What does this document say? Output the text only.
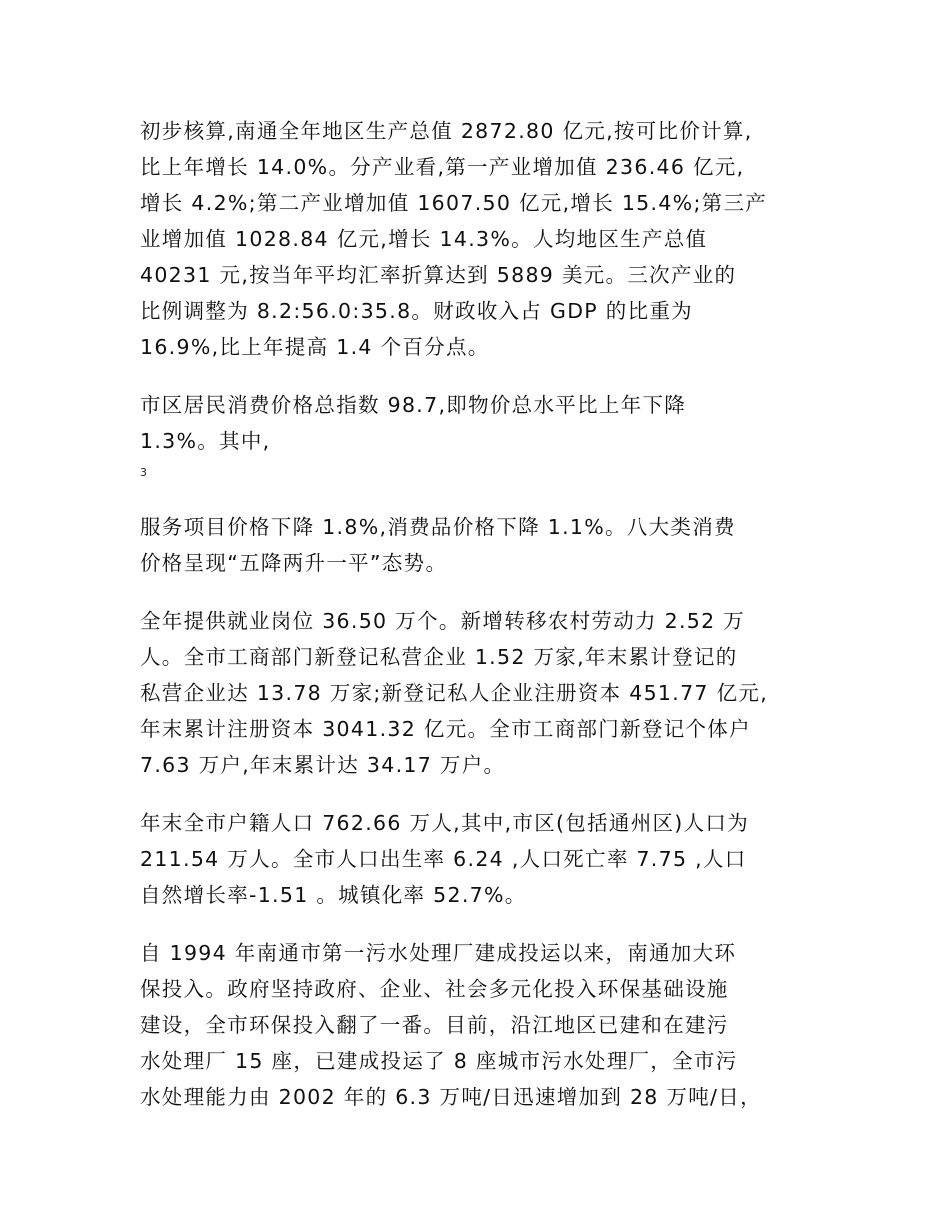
初步核算,南通全年地区生产总值 2872.80 亿元,按可比价计算,
比上年增长 14.0%。分产业看,第一产业增加值 236.46 亿元,
增长 4.2%;第二产业增加值 1607.50 亿元,增长 15.4%;第三产
业增加值 1028.84 亿元,增长 14.3%。人均地区生产总值
40231 元,按当年平均汇率折算达到 5889 美元。三次产业的
比例调整为 8.2:56.0:35.8。财政收入占 GDP 的比重为
16.9%,比上年提高 1.4 个百分点。
市区居民消费价格总指数 98.7,即物价总水平比上年下降
1.3%。其中,
3
服务项目价格下降 1.8%,消费品价格下降 1.1%。八大类消费
价格呈现“五降两升一平”态势。
全年提供就业岗位 36.50 万个。新增转移农村劳动力 2.52 万
人。全市工商部门新登记私营企业 1.52 万家,年末累计登记的
私营企业达 13.78 万家;新登记私人企业注册资本 451.77 亿元,
年末累计注册资本 3041.32 亿元。全市工商部门新登记个体户
7.63 万户,年末累计达 34.17 万户。
年末全市户籍人口 762.66 万人,其中,市区(包括通州区)人口为
211.54 万人。全市人口出生率 6.24 ,人口死亡率 7.75 ,人口
自然增长率-1.51 。城镇化率 52.7%。
自 1994 年南通市第一污水处理厂建成投运以来，南通加大环
保投入。政府坚持政府、企业、社会多元化投入环保基础设施
建设，全市环保投入翻了一番。目前，沿江地区已建和在建污
水处理厂 15 座，已建成投运了 8 座城市污水处理厂，全市污
水处理能力由 2002 年的 6.3 万吨/日迅速增加到 28 万吨/日，
